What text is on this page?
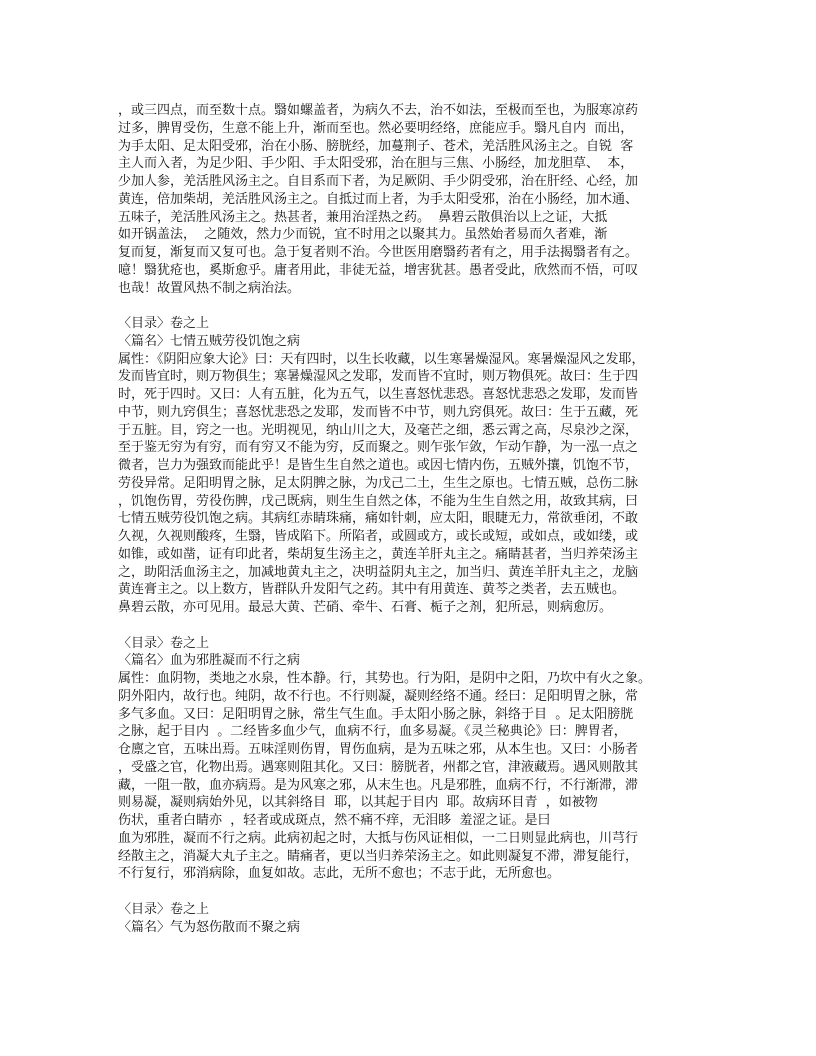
，或三四点，而至数十点。翳如螺盖者，为病久不去，治不如法，至极而至也，为服寒凉药
过多，脾胃受伤，生意不能上升，渐而至也。然必要明经络，庶能应手。翳凡自内  而出，
为手太阳、足太阳受邪，治在小肠、膀胱经，加蔓荆子、苍术，羌活胜风汤主之。自锐  客
主人而入者，为足少阳、手少阳、手太阳受邪，治在胆与三焦、小肠经，加龙胆草、  本，
少加人参，羌活胜风汤主之。自目系而下者，为足厥阴、手少阴受邪，治在肝经、心经，加
黄连，倍加柴胡，羌活胜风汤主之。自抵过而上者，为手太阳受邪，治在小肠经，加木通、
五味子，羌活胜风汤主之。热甚者，兼用治淫热之药。  鼻碧云散俱治以上之证，大抵
如开锅盖法，  之随效，然力少而锐，宜不时用之以聚其力。虽然始者易而久者难，渐
复而复，渐复而又复可也。急于复者则不治。今世医用磨翳药者有之，用手法揭翳者有之。
噫！翳犹疮也，奚斯愈乎。庸者用此，非徒无益，增害犹甚。愚者受此，欣然而不悟，可叹
也哉！故置风热不制之病治法。
〈目录〉卷之上
〈篇名〉七情五贼劳役饥饱之病
属性：《阴阳应象大论》曰：天有四时，以生长收藏，以生寒暑燥湿风。寒暑燥湿风之发耶，
发而皆宜时，则万物俱生；寒暑燥湿风之发耶，发而皆不宜时，则万物俱死。故曰：生于四
时，死于四时。又曰：人有五脏，化为五气，以生喜怒忧悲恐。喜怒忧悲恐之发耶，发而皆
中节，则九窍俱生；喜怒忧悲恐之发耶，发而皆不中节，则九窍俱死。故曰：生于五藏，死
于五脏。目，窍之一也。光明视见，纳山川之大，及毫芒之细，悉云霄之高，尽泉沙之深，
至于鉴无穷为有穷，而有穷又不能为穷，反而聚之。则乍张乍敛，乍动乍静，为一泓一点之
微者，岂力为强致而能此乎！是皆生生自然之道也。或因七情内伤，五贼外攘，饥饱不节，
劳役异常。足阳明胃之脉，足太阴脾之脉，为戊己二土，生生之原也。七情五贼，总伤二脉
，饥饱伤胃，劳役伤脾，戊己既病，则生生自然之体，不能为生生自然之用，故致其病，曰
七情五贼劳役饥饱之病。其病红赤睛珠痛，痛如针刺，应太阳，眼睫无力，常欲垂闭，不敢
久视，久视则酸疼，生翳，皆成陷下。所陷者，或圆或方，或长或短，或如点，或如缕，或
如锥，或如凿，证有印此者，柴胡复生汤主之，黄连羊肝丸主之。痛睛甚者，当归养荣汤主
之，助阳活血汤主之，加减地黄丸主之，决明益阴丸主之，加当归、黄连羊肝丸主之，龙脑
黄连膏主之。以上数方，皆群队升发阳气之药。其中有用黄连、黄芩之类者，去五贼也。
鼻碧云散，亦可见用。最忌大黄、芒硝、牵牛、石膏、栀子之剂，犯所忌，则病愈厉。
〈目录〉卷之上
〈篇名〉血为邪胜凝而不行之病
属性：血阴物，类地之水泉，性本静。行，其势也。行为阳，是阴中之阳，乃坎中有火之象。
阴外阳内，故行也。纯阴，故不行也。不行则凝，凝则经络不通。经曰：足阳明胃之脉，常
多气多血。又曰：足阳明胃之脉，常生气生血。手太阳小肠之脉，斜络于目  。足太阳膀胱
之脉，起于目内  。二经皆多血少气，血病不行，血多易凝。《灵兰秘典论》曰：脾胃者，
仓廪之官，五味出焉。五味淫则伤胃，胃伤血病，是为五味之邪，从本生也。又曰：小肠者
，受盛之官，化物出焉。遇寒则阻其化。又曰：膀胱者，州都之官，津液藏焉。遇风则散其
藏，一阻一散，血亦病焉。是为风寒之邪，从末生也。凡是邪胜，血病不行，不行渐滞，滞
则易凝，凝则病始外见，以其斜络目  耶，以其起于目内  耶。故病环目青  ，如被物
伤状，重者白睛亦  ，轻者或成斑点，然不痛不痒，无泪眵  羞涩之证。是曰
血为邪胜，凝而不行之病。此病初起之时，大抵与伤风证相似，一二日则显此病也，川芎行
经散主之，消凝大丸子主之。睛痛者，更以当归养荣汤主之。如此则凝复不滞，滞复能行，
不行复行，邪消病除，血复如故。志此，无所不愈也；不志于此，无所愈也。
〈目录〉卷之上
〈篇名〉气为怒伤散而不聚之病
